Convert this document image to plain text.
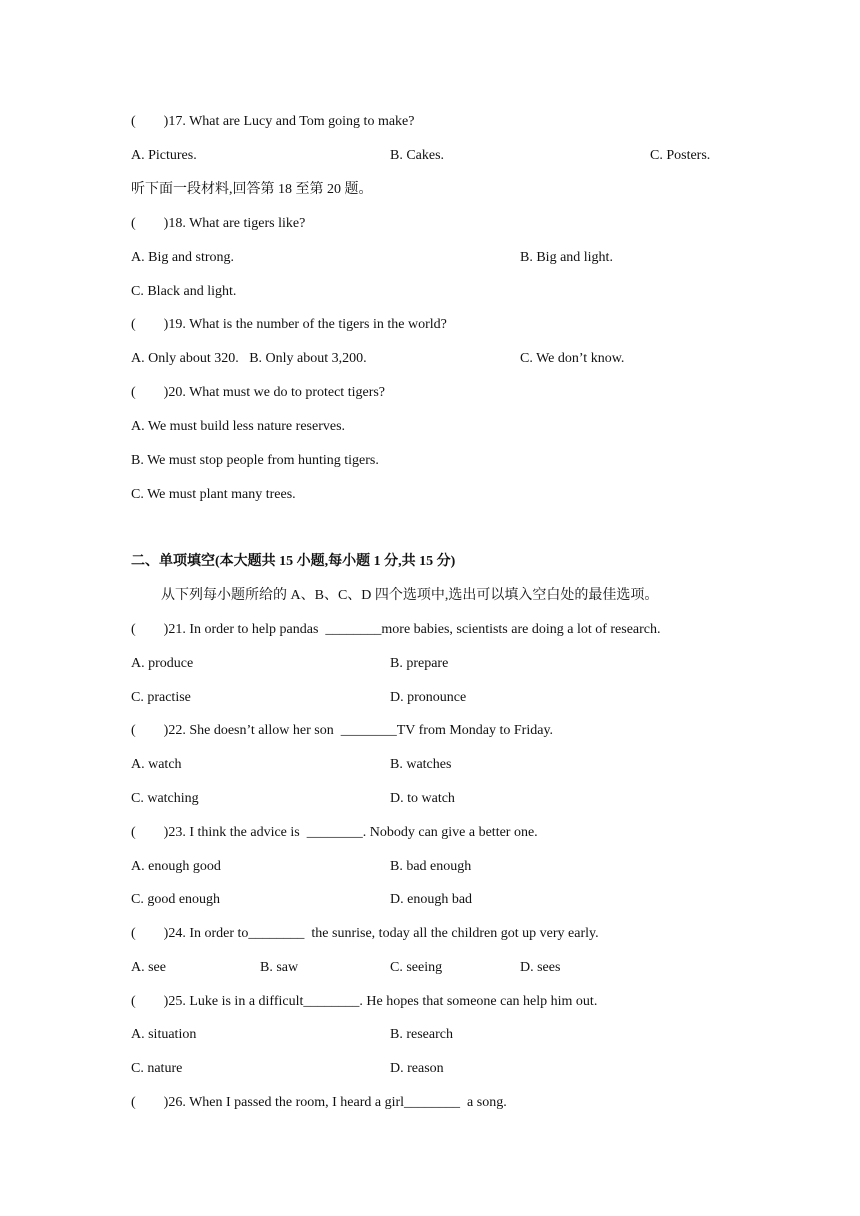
(        )17. What are Lucy and Tom going to make?
A. Pictures.	B. Cakes.	C. Posters.
听下面一段材料,回答第 18 至第 20 题。
(        )18. What are tigers like?
A. Big and strong.	B. Big and light.
C. Black and light.
(        )19. What is the number of the tigers in the world?
A. Only about 320.   B. Only about 3,200.	C. We don’t know.
(        )20. What must we do to protect tigers?
A. We must build less nature reserves.
B. We must stop people from hunting tigers.
C. We must plant many trees.
二、单项填空(本大题共 15 小题,每小题 1 分,共 15 分)
从下列每小题所给的 A、B、C、D 四个选项中,选出可以填入空白处的最佳选项。
(        )21. In order to help pandas  ________more babies, scientists are doing a lot of research.
A. produce	B. prepare
C. practise	D. pronounce
(        )22. She doesn’t allow her son  ________TV from Monday to Friday.
A. watch	B. watches
C. watching	D. to watch
(        )23. I think the advice is  ________. Nobody can give a better one.
A. enough good	B. bad enough
C. good enough	D. enough bad
(        )24. In order to________  the sunrise, today all the children got up very early.
A. see	B. saw	C. seeing	D. sees
(        )25. Luke is in a difficult________. He hopes that someone can help him out.
A. situation	B. research
C. nature	D. reason
(        )26. When I passed the room, I heard a girl________  a song.
